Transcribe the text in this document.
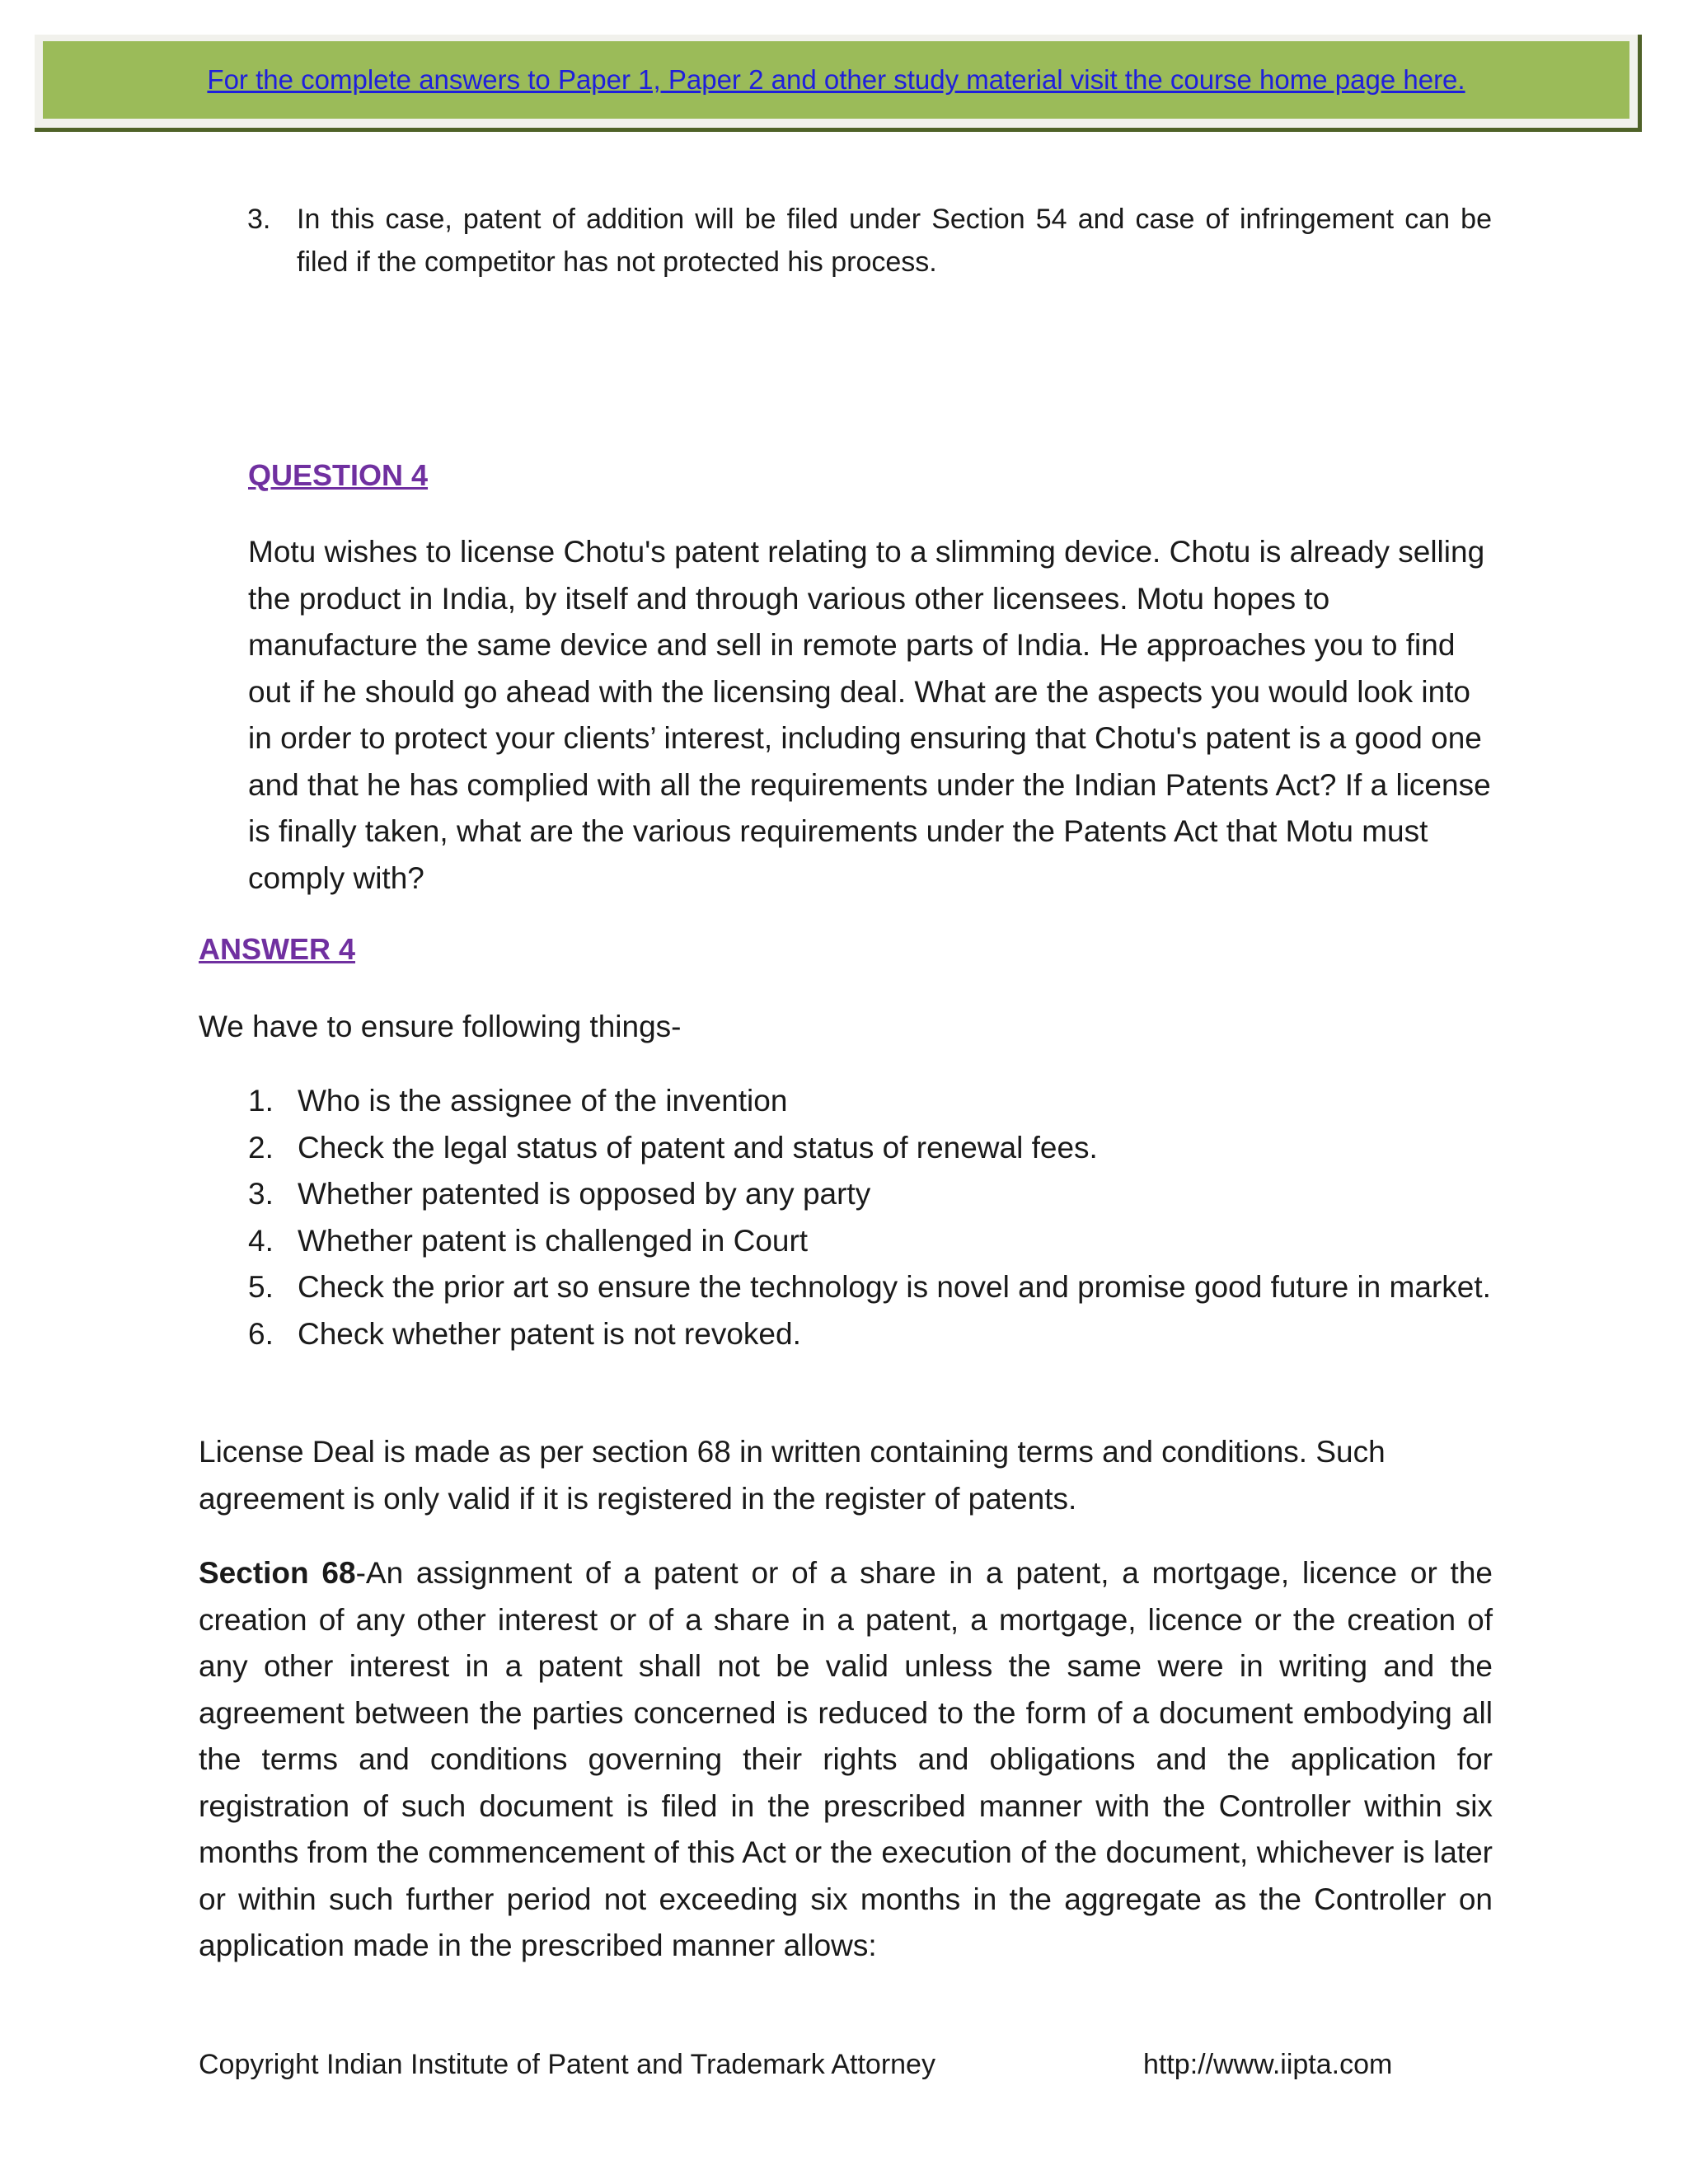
For the complete answers to Paper 1, Paper 2 and other study material visit the course home page here.
3. In this case, patent of addition will be filed under Section 54 and case of infringement can be filed if the competitor has not protected his process.
QUESTION 4
Motu wishes to license Chotu's patent relating to a slimming device. Chotu is already selling the product in India, by itself and through various other licensees. Motu hopes to manufacture the same device and sell in remote parts of India. He approaches you to find out if he should go ahead with the licensing deal. What are the aspects you would look into in order to protect your clients’ interest, including ensuring that Chotu's patent is a good one and that he has complied with all the requirements under the Indian Patents Act? If a license is finally taken, what are the various requirements under the Patents Act that Motu must comply with?
ANSWER 4
We have to ensure following things-
1. Who is the assignee of the invention
2. Check the legal status of patent and status of renewal fees.
3. Whether patented is opposed by any party
4. Whether patent is challenged in Court
5. Check the prior art so ensure the technology is novel and promise good future in market.
6. Check whether patent is not revoked.
License Deal is made as per section 68 in written containing terms and conditions. Such agreement is only valid if it is registered in the register of patents.
Section 68-An assignment of a patent or of a share in a patent, a mortgage, licence or the creation of any other interest or of a share in a patent, a mortgage, licence or the creation of any other interest in a patent shall not be valid unless the same were in writing and the agreement between the parties concerned is reduced to the form of a document embodying all the terms and conditions governing their rights and obligations and the application for registration of such document is filed in the prescribed manner with the Controller within six months from the commencement of this Act or the execution of the document, whichever is later or within such further period not exceeding six months in the aggregate as the Controller on application made in the prescribed manner allows:
Copyright Indian Institute of Patent and Trademark Attorney	http://www.iipta.com
